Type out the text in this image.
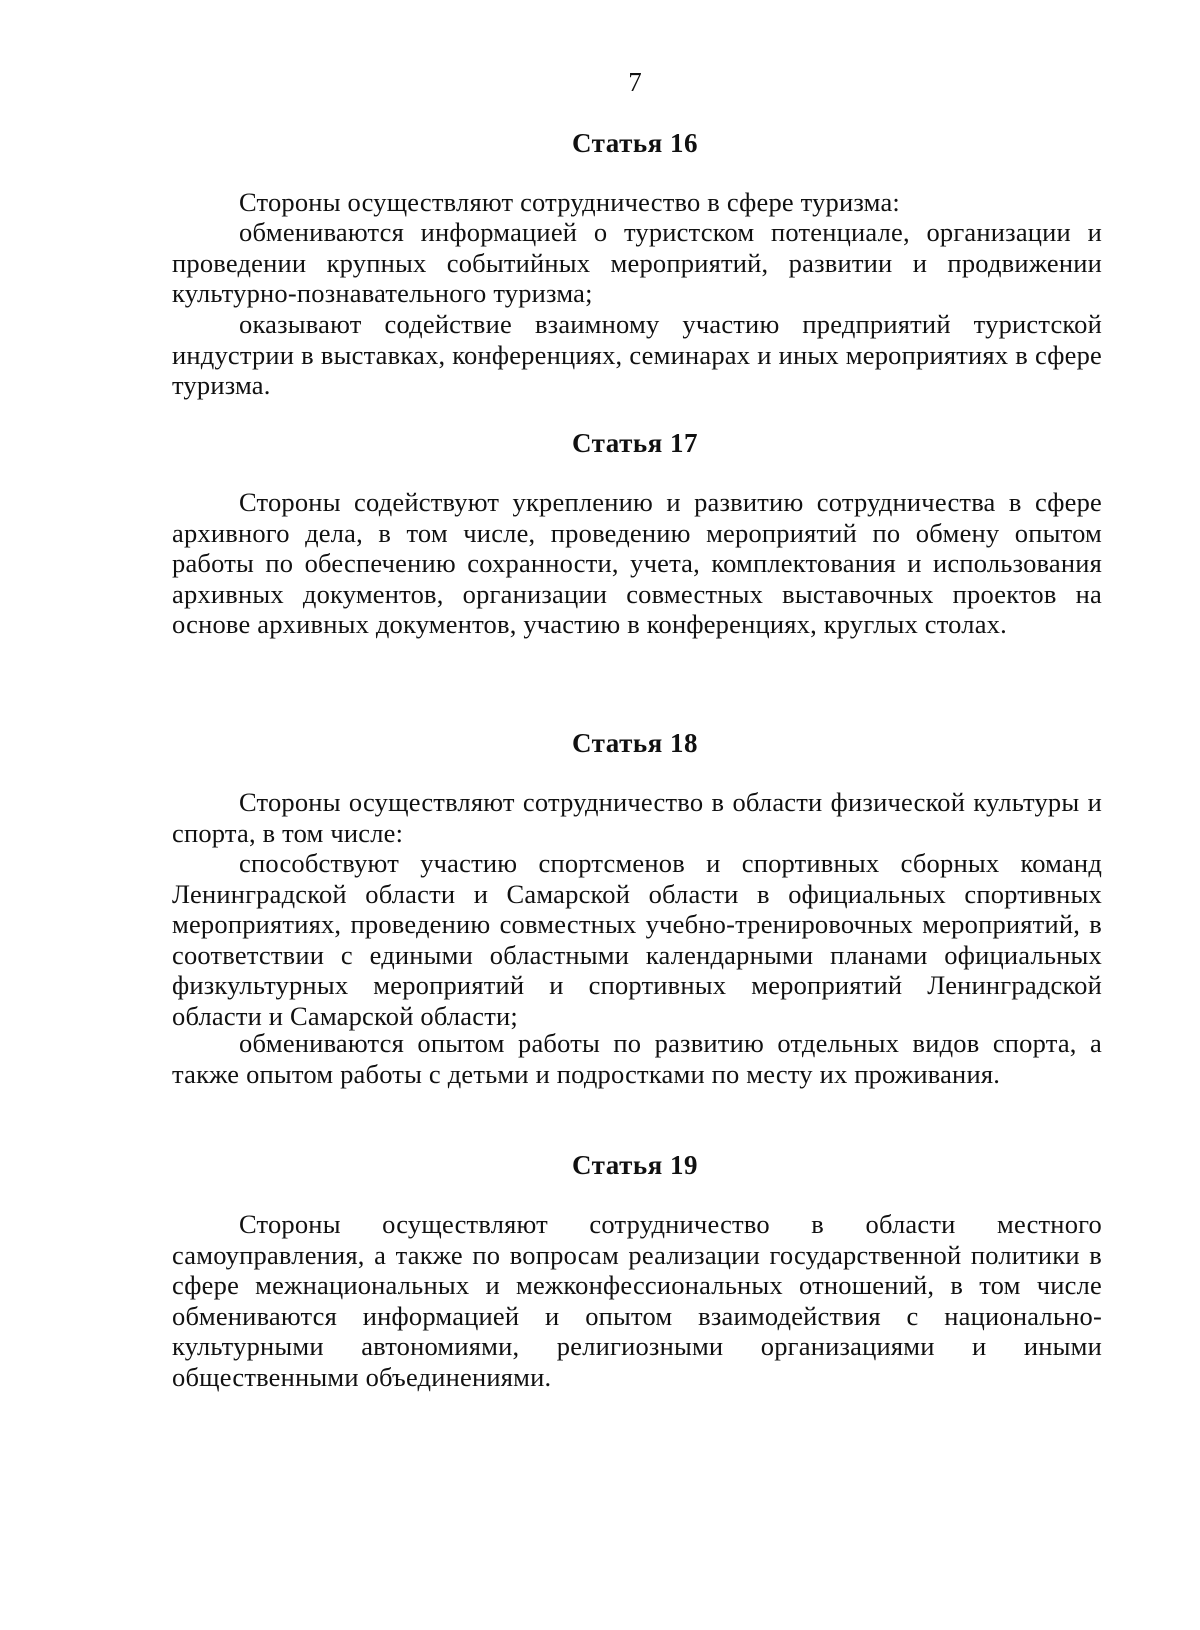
7
Статья 16

Стороны осуществляют сотрудничество в сфере туризма:

обмениваются информацией о туристском потенциале, организации и проведении крупных событийных мероприятий, развитии и продвижении культурно-познавательного туризма;

оказывают содействие взаимному участию предприятий туристской индустрии в выставках, конференциях, семинарах и иных мероприятиях в сфере туризма.

Статья 17

Стороны содействуют укреплению и развитию сотрудничества в сфере архивного дела, в том числе, проведению мероприятий по обмену опытом работы по обеспечению сохранности, учета, комплектования и использования архивных документов, организации совместных выставочных проектов на основе архивных документов, участию в конференциях, круглых столах.

Статья 18

Стороны осуществляют сотрудничество в области физической культуры и спорта, в том числе:

способствуют участию спортсменов и спортивных сборных команд Ленинградской области и Самарской области в официальных спортивных мероприятиях, проведению совместных учебно-тренировочных мероприятий, в соответствии с едиными областными календарными планами официальных физкультурных мероприятий и спортивных мероприятий Ленинградской области и Самарской области;

обмениваются опытом работы по развитию отдельных видов спорта, а также опытом работы с детьми и подростками по месту их проживания.

Статья 19

Стороны осуществляют сотрудничество в области местного самоуправления, а также по вопросам реализации государственной политики в сфере межнациональных и межконфессиональных отношений, в том числе обмениваются информацией и опытом взаимодействия с национально-культурными автономиями, религиозными организациями и иными общественными объединениями.
